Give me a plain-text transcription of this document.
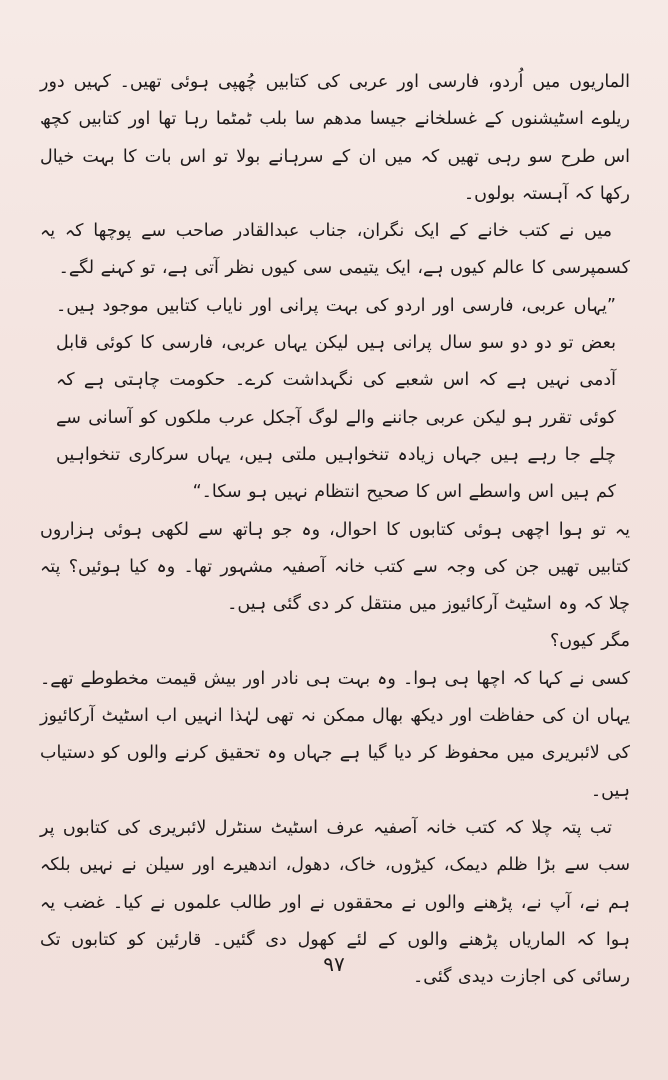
الماریوں میں اُردو، فارسی اور عربی کی کتابیں چُھپی ہوئی تھیں۔ کہیں دور ریلوے اسٹیشنوں کے غسلخانے جیسا مدھم سا بلب ٹمٹما رہا تھا اور کتابیں کچھ اس طرح سو رہی تھیں کہ میں ان کے سرہانے بولا تو اس بات کا بہت خیال رکھا کہ آہستہ بولوں۔

میں نے کتب خانے کے ایک نگران، جناب عبدالقادر صاحب سے پوچھا کہ یہ کسمپرسی کا عالم کیوں ہے، ایک یتیمی سی کیوں نظر آتی ہے، تو کہنے لگے۔

”یہاں عربی، فارسی اور اردو کی بہت پرانی اور نایاب کتابیں موجود ہیں۔ بعض تو دو دو سو سال پرانی ہیں لیکن یہاں عربی، فارسی کا کوئی قابل آدمی نہیں ہے کہ اس شعبے کی نگہداشت کرے۔ حکومت چاہتی ہے کہ کوئی تقرر ہو لیکن عربی جاننے والے لوگ آجکل عرب ملکوں کو آسانی سے چلے جا رہے ہیں جہاں زیادہ تنخواہیں ملتی ہیں، یہاں سرکاری تنخواہیں کم ہیں اس واسطے اس کا صحیح انتظام نہیں ہو سکا۔“

یہ تو ہوا اچھی ہوئی کتابوں کا احوال، وہ جو ہاتھ سے لکھی ہوئی ہزاروں کتابیں تھیں جن کی وجہ سے کتب خانہ آصفیہ مشہور تھا۔ وہ کیا ہوئیں؟ پتہ چلا کہ وہ اسٹیٹ آرکائیوز میں منتقل کر دی گئی ہیں۔

مگر کیوں؟

کسی نے کہا کہ اچھا ہی ہوا۔ وہ بہت ہی نادر اور بیش قیمت مخطوطے تھے۔ یہاں ان کی حفاظت اور دیکھ بھال ممکن نہ تھی لہٰذا انہیں اب اسٹیٹ آرکائیوز کی لائبریری میں محفوظ کر دیا گیا ہے جہاں وہ تحقیق کرنے والوں کو دستیاب ہیں۔

تب پتہ چلا کہ کتب خانہ آصفیہ عرف اسٹیٹ سنٹرل لائبریری کی کتابوں پر سب سے بڑا ظلم دیمک، کیڑوں، خاک، دھول، اندھیرے اور سیلن نے نہیں بلکہ ہم نے، آپ نے، پڑھنے والوں نے محققوں نے اور طالب علموں نے کیا۔ غضب یہ ہوا کہ الماریاں پڑھنے والوں کے لئے کھول دی گئیں۔ قارئین کو کتابوں تک رسائی کی اجازت دیدی گئی۔

۹۷
